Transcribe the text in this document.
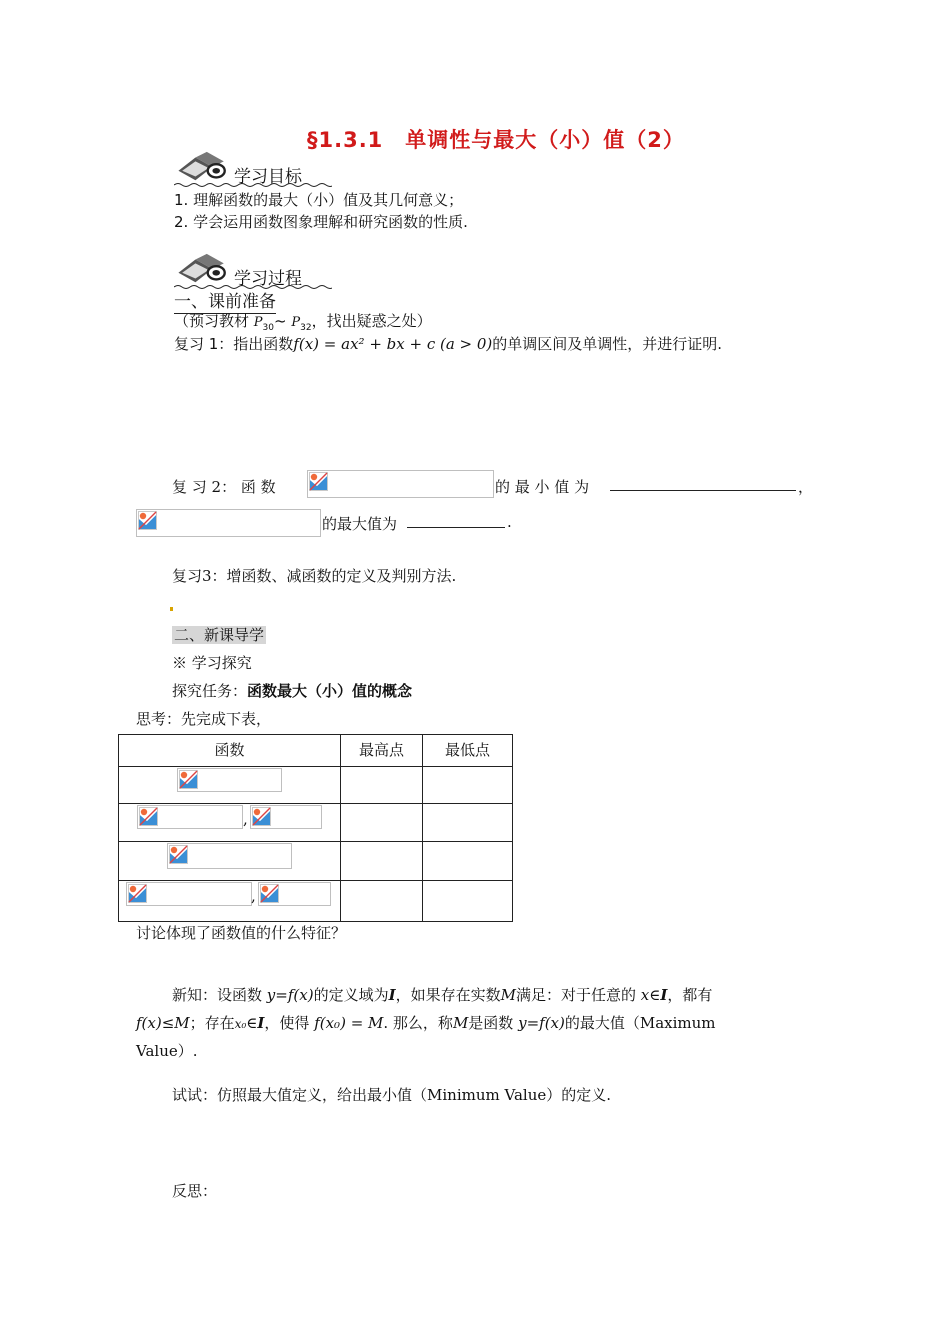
§1.3.1　单调性与最大（小）值（2）
学习目标
1. 理解函数的最大（小）值及其几何意义；
2. 学会运用函数图象理解和研究函数的性质.
学习过程
一、课前准备
（预习教材 $P_{30}\sim$ $P_{32}$，找出疑惑之处）
复习 1：指出函数f(x) = ax² + bx + c (a > 0)的单调区间及单调性，并进行证明.
复 习 2： 函 数	的 最 小 值 为	，
的最大值为	.
复习3：增函数、减函数的定义及判别方法.
二、新课导学
※ 学习探究
探究任务：函数最大（小）值的概念
思考：先完成下表，
函数	最高点	最低点

,		

,		

讨论体现了函数值的什么特征？
新知：设函数 y=f(x)的定义域为I，如果存在实数M满足：对于任意的 x∈I，都有
f(x)≤M；存在x₀∈I，使得 f(x₀) = M. 那么，称M是函数 y=f(x)的最大值（Maximum
Value）.
试试：仿照最大值定义，给出最小值（Minimum Value）的定义.
反思：
